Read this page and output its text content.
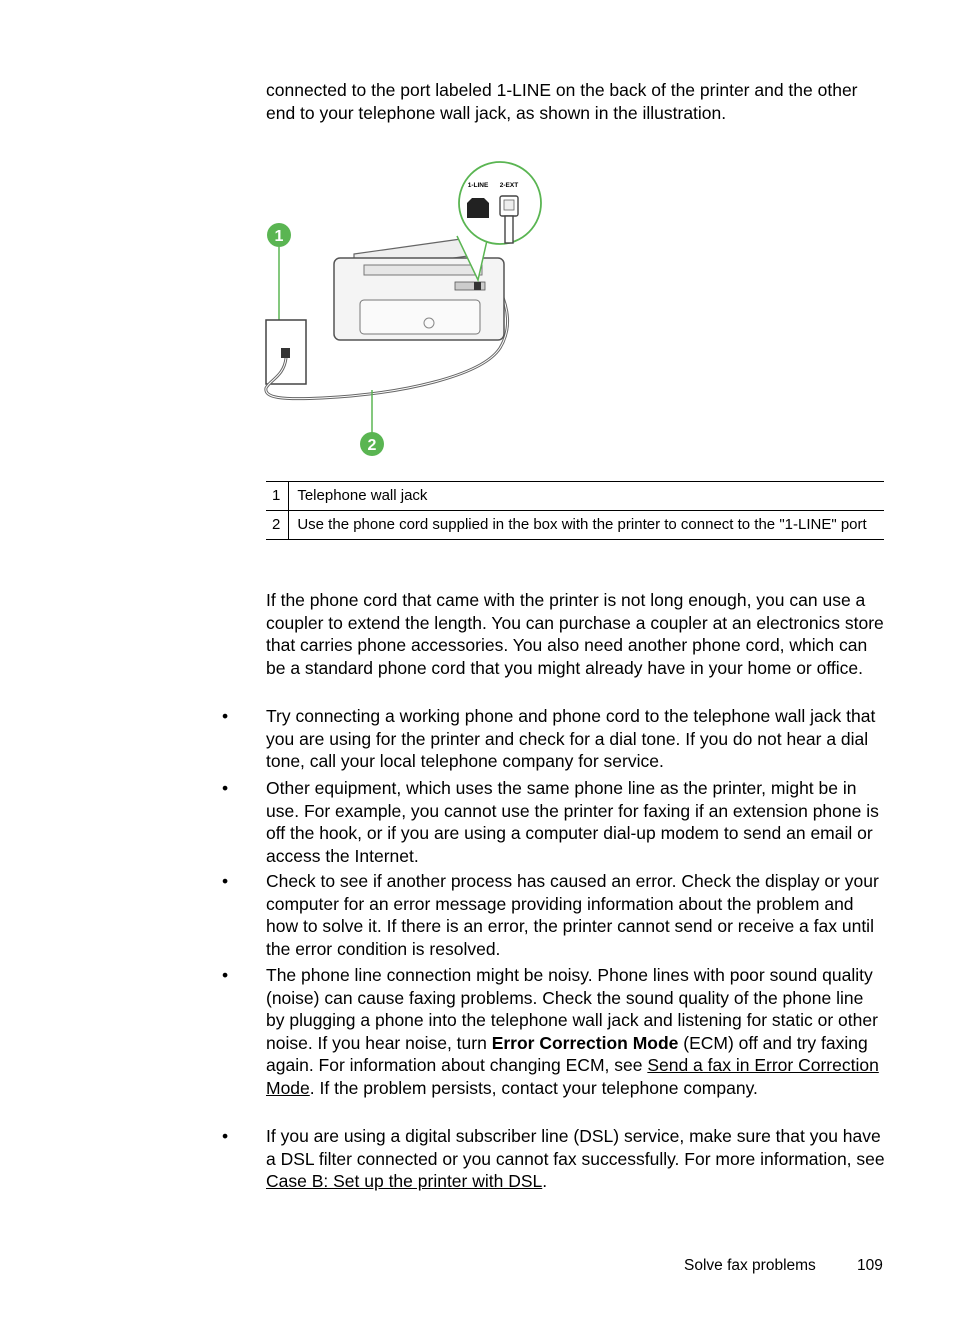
connected to the port labeled 1-LINE on the back of the printer and the other end to your telephone wall jack, as shown in the illustration.
1
1-LINE 2-EXT
2
1	Telephone wall jack
2	Use the phone cord supplied in the box with the printer to connect to the "1-LINE" port
If the phone cord that came with the printer is not long enough, you can use a coupler to extend the length. You can purchase a coupler at an electronics store that carries phone accessories. You also need another phone cord, which can be a standard phone cord that you might already have in your home or office.
• Try connecting a working phone and phone cord to the telephone wall jack that you are using for the printer and check for a dial tone. If you do not hear a dial tone, call your local telephone company for service.
• Other equipment, which uses the same phone line as the printer, might be in use. For example, you cannot use the printer for faxing if an extension phone is off the hook, or if you are using a computer dial-up modem to send an email or access the Internet.
• Check to see if another process has caused an error. Check the display or your computer for an error message providing information about the problem and how to solve it. If there is an error, the printer cannot send or receive a fax until the error condition is resolved.
• The phone line connection might be noisy. Phone lines with poor sound quality (noise) can cause faxing problems. Check the sound quality of the phone line by plugging a phone into the telephone wall jack and listening for static or other noise. If you hear noise, turn Error Correction Mode (ECM) off and try faxing again. For information about changing ECM, see Send a fax in Error Correction Mode. If the problem persists, contact your telephone company.
• If you are using a digital subscriber line (DSL) service, make sure that you have a DSL filter connected or you cannot fax successfully. For more information, see Case B: Set up the printer with DSL.
Solve fax problems	109
